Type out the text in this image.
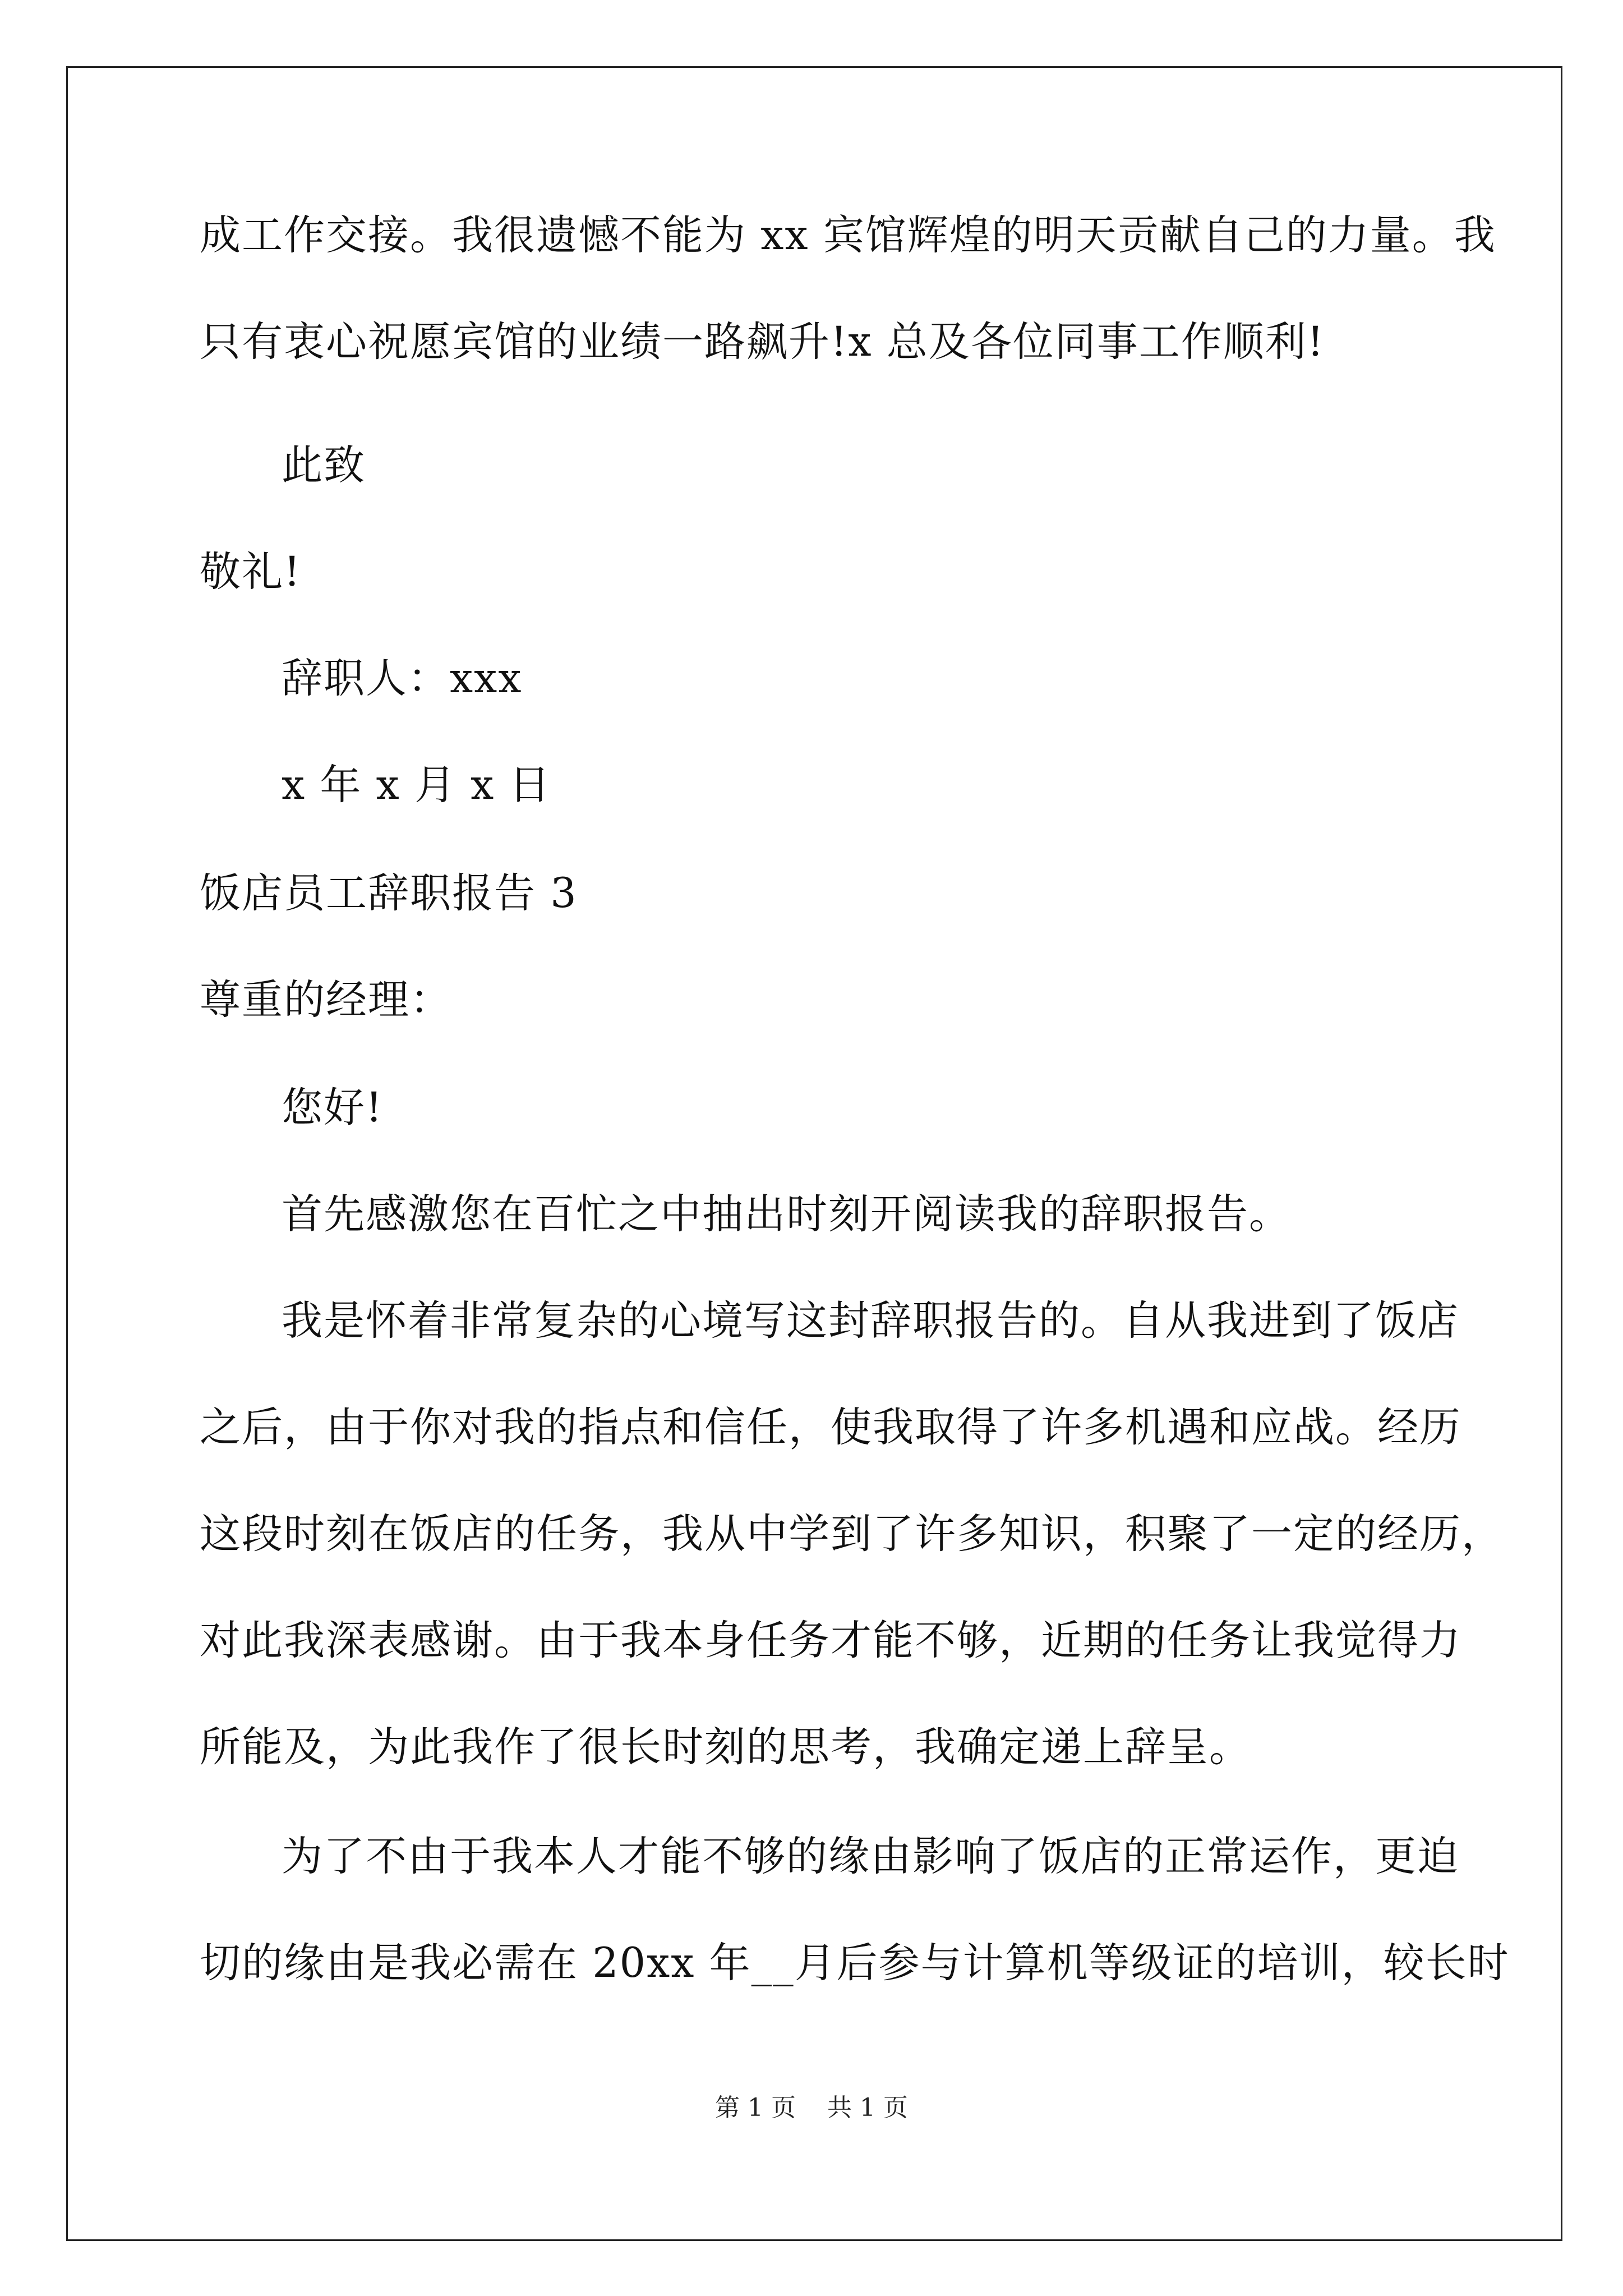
成工作交接。我很遗憾不能为 xx 宾馆辉煌的明天贡献自己的力量。我
只有衷心祝愿宾馆的业绩一路飙升!x 总及各位同事工作顺利!
此致
敬礼!
辞职人：xxx
x 年 x 月 x 日
饭店员工辞职报告 3
尊重的经理：
您好!
首先感激您在百忙之中抽出时刻开阅读我的辞职报告。
我是怀着非常复杂的心境写这封辞职报告的。自从我进到了饭店
之后，由于你对我的指点和信任，使我取得了许多机遇和应战。经历
这段时刻在饭店的任务，我从中学到了许多知识，积聚了一定的经历，
对此我深表感谢。由于我本身任务才能不够，近期的任务让我觉得力
所能及，为此我作了很长时刻的思考，我确定递上辞呈。
为了不由于我本人才能不够的缘由影响了饭店的正常运作，更迫
切的缘由是我必需在 20xx 年__月后参与计算机等级证的培训，较长时
第 1 页    共 1 页
